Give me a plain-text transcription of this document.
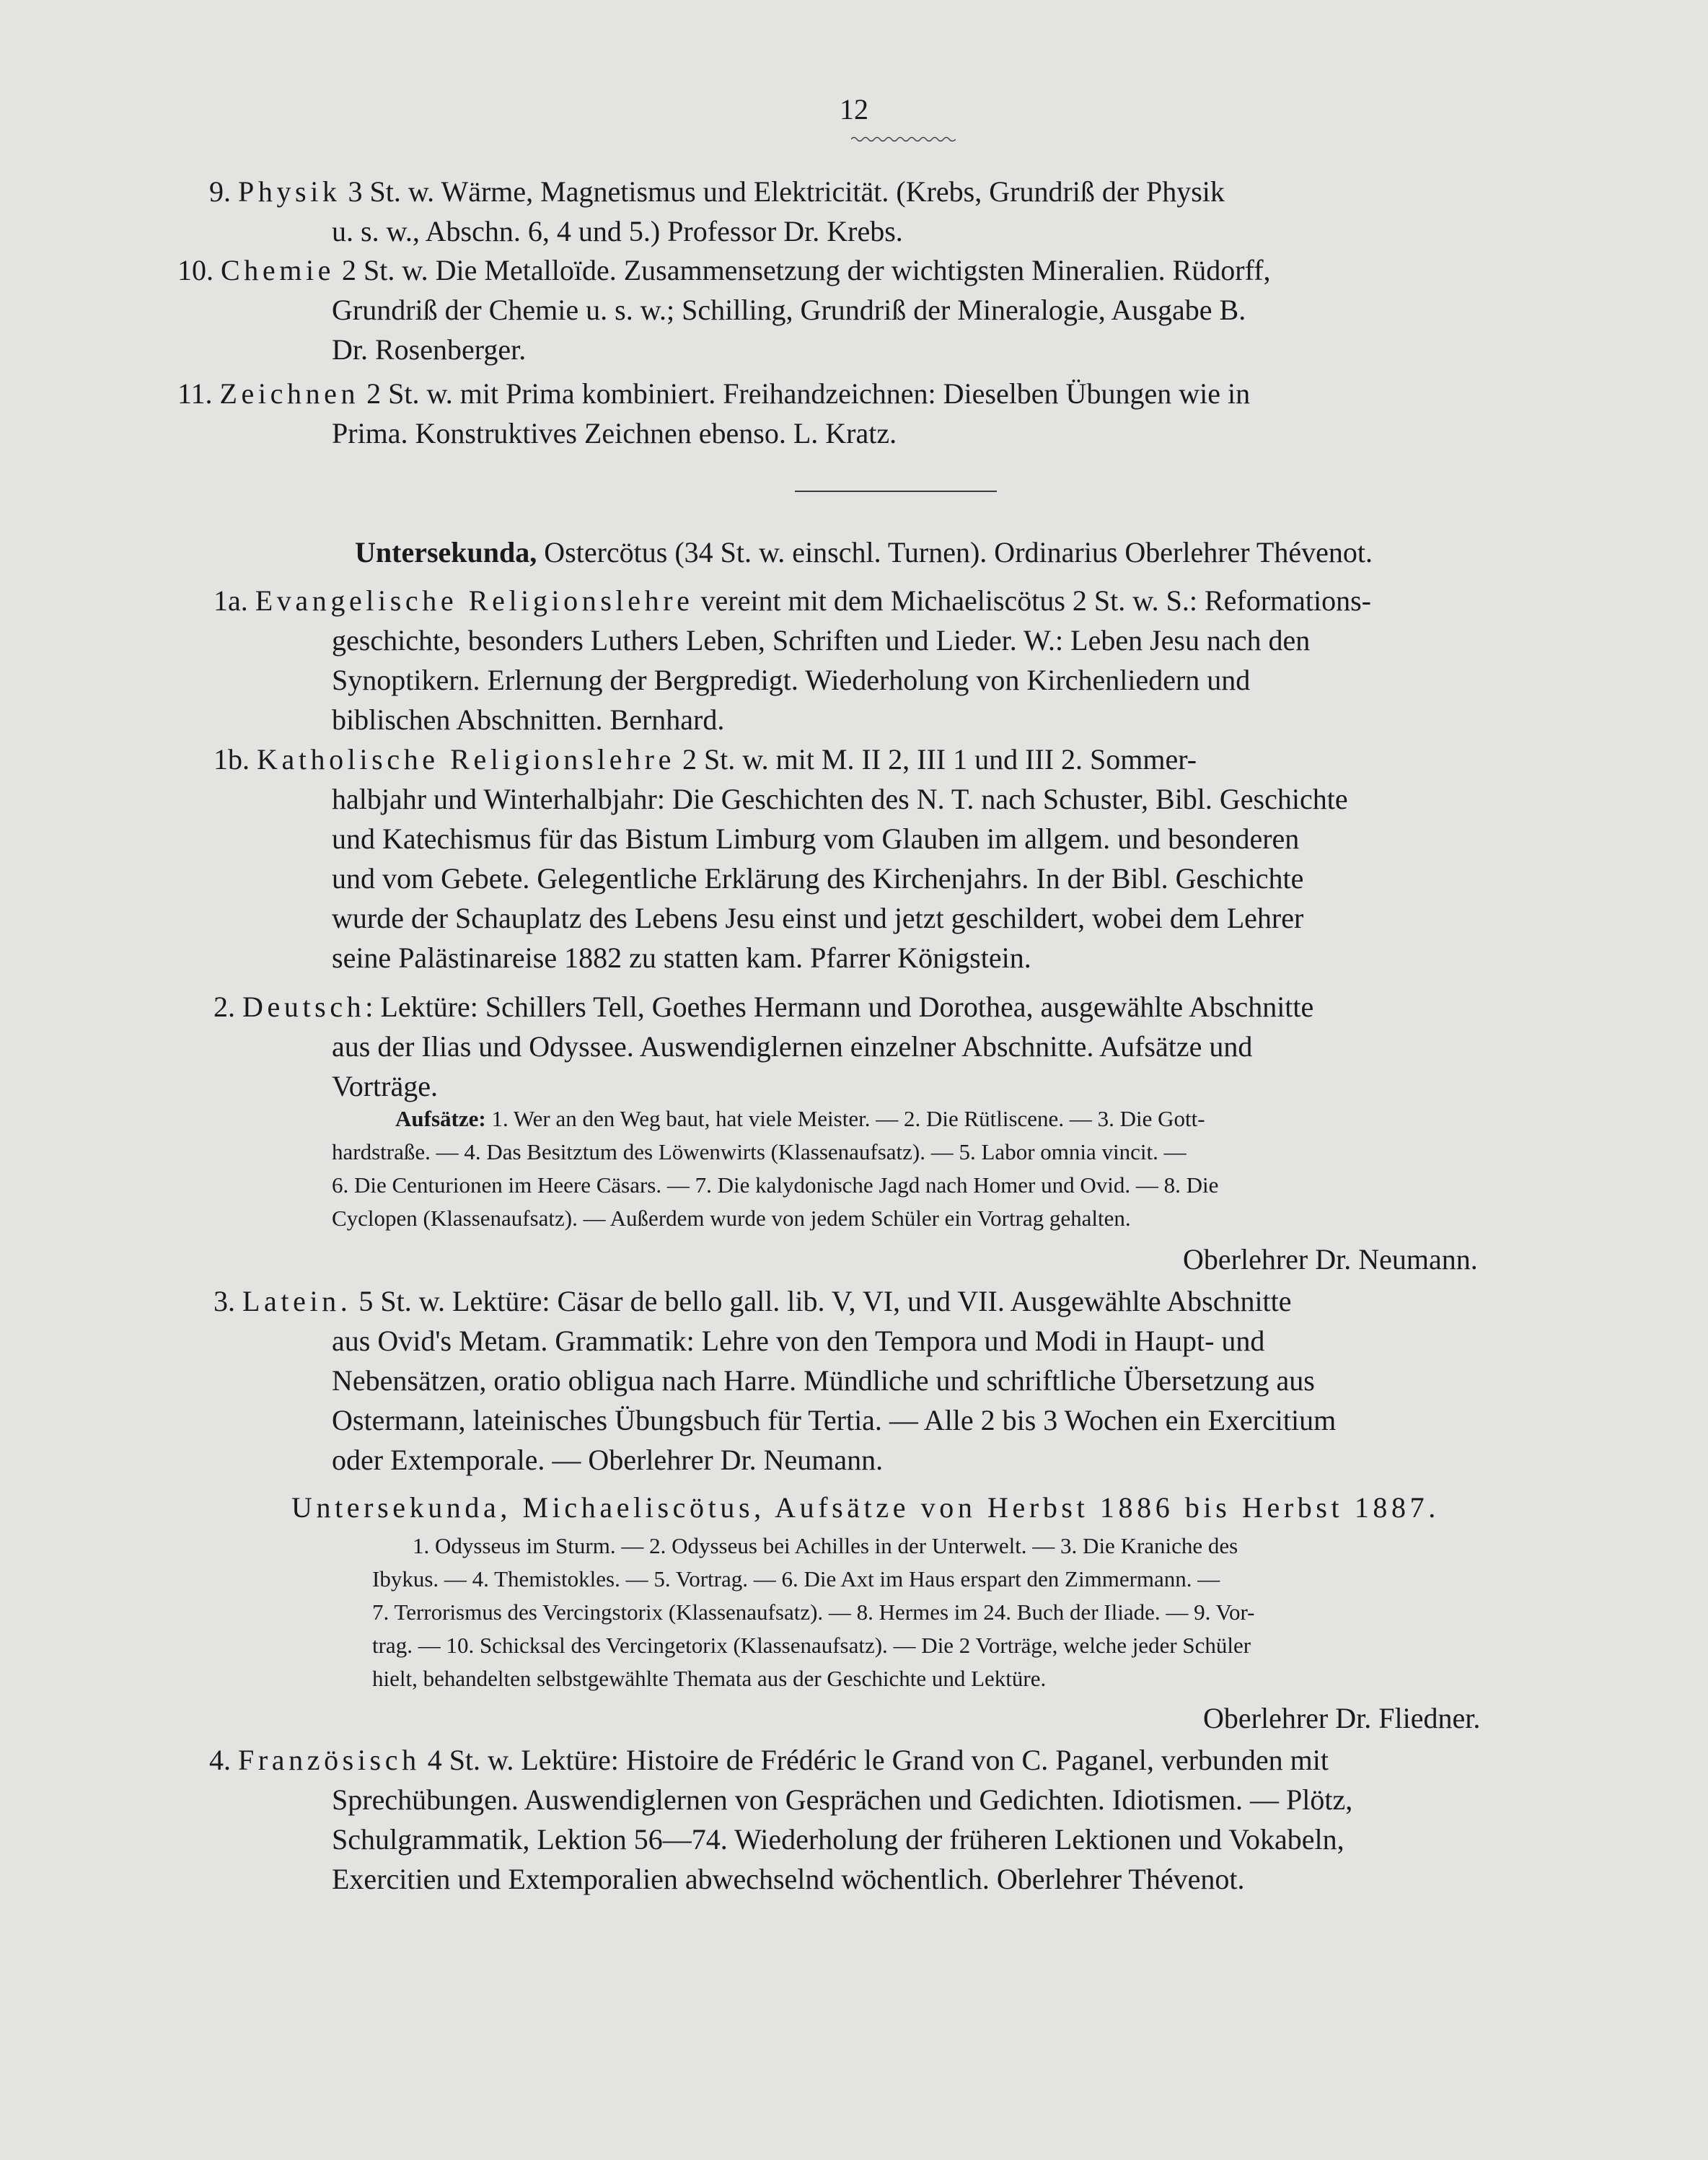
12
9. Physik 3 St. w. Wärme, Magnetismus und Elektricität. (Krebs, Grundriß der Physik
u. s. w., Abschn. 6, 4 und 5.) Professor Dr. Krebs.
10. Chemie 2 St. w. Die Metalloïde. Zusammensetzung der wichtigsten Mineralien. Rüdorff,
Grundriß der Chemie u. s. w.; Schilling, Grundriß der Mineralogie, Ausgabe B.
Dr. Rosenberger.
11. Zeichnen 2 St. w. mit Prima kombiniert. Freihandzeichnen: Dieselben Übungen wie in
Prima. Konstruktives Zeichnen ebenso. L. Kratz.
Untersekunda, Ostercötus (34 St. w. einschl. Turnen). Ordinarius Oberlehrer Thévenot.
1a. Evangelische Religionslehre vereint mit dem Michaeliscötus 2 St. w. S.: Reformations-
geschichte, besonders Luthers Leben, Schriften und Lieder. W.: Leben Jesu nach den
Synoptikern. Erlernung der Bergpredigt. Wiederholung von Kirchenliedern und
biblischen Abschnitten. Bernhard.
1b. Katholische Religionslehre 2 St. w. mit M. II 2, III 1 und III 2. Sommer-
halbjahr und Winterhalbjahr: Die Geschichten des N. T. nach Schuster, Bibl. Geschichte
und Katechismus für das Bistum Limburg vom Glauben im allgem. und besonderen
und vom Gebete. Gelegentliche Erklärung des Kirchenjahrs. In der Bibl. Geschichte
wurde der Schauplatz des Lebens Jesu einst und jetzt geschildert, wobei dem Lehrer
seine Palästinareise 1882 zu statten kam. Pfarrer Königstein.
2. Deutsch: Lektüre: Schillers Tell, Goethes Hermann und Dorothea, ausgewählte Abschnitte
aus der Ilias und Odyssee. Auswendiglernen einzelner Abschnitte. Aufsätze und
Vorträge.
Aufsätze: 1. Wer an den Weg baut, hat viele Meister. — 2. Die Rütliscene. — 3. Die Gott-
hardstraße. — 4. Das Besitztum des Löwenwirts (Klassenaufsatz). — 5. Labor omnia vincit. —
6. Die Centurionen im Heere Cäsars. — 7. Die kalydonische Jagd nach Homer und Ovid. — 8. Die
Cyclopen (Klassenaufsatz). — Außerdem wurde von jedem Schüler ein Vortrag gehalten.
Oberlehrer Dr. Neumann.
3. Latein. 5 St. w. Lektüre: Cäsar de bello gall. lib. V, VI, und VII. Ausgewählte Abschnitte
aus Ovid's Metam. Grammatik: Lehre von den Tempora und Modi in Haupt- und
Nebensätzen, oratio obligua nach Harre. Mündliche und schriftliche Übersetzung aus
Ostermann, lateinisches Übungsbuch für Tertia. — Alle 2 bis 3 Wochen ein Exercitium
oder Extemporale. — Oberlehrer Dr. Neumann.
Untersekunda, Michaeliscötus, Aufsätze von Herbst 1886 bis Herbst 1887.
1. Odysseus im Sturm. — 2. Odysseus bei Achilles in der Unterwelt. — 3. Die Kraniche des
Ibykus. — 4. Themistokles. — 5. Vortrag. — 6. Die Axt im Haus erspart den Zimmermann. —
7. Terrorismus des Vercingstorix (Klassenaufsatz). — 8. Hermes im 24. Buch der Iliade. — 9. Vor-
trag. — 10. Schicksal des Vercingetorix (Klassenaufsatz). — Die 2 Vorträge, welche jeder Schüler
hielt, behandelten selbstgewählte Themata aus der Geschichte und Lektüre.
Oberlehrer Dr. Fliedner.
4. Französisch 4 St. w. Lektüre: Histoire de Frédéric le Grand von C. Paganel, verbunden mit
Sprechübungen. Auswendiglernen von Gesprächen und Gedichten. Idiotismen. — Plötz,
Schulgrammatik, Lektion 56—74. Wiederholung der früheren Lektionen und Vokabeln,
Exercitien und Extemporalien abwechselnd wöchentlich. Oberlehrer Thévenot.
